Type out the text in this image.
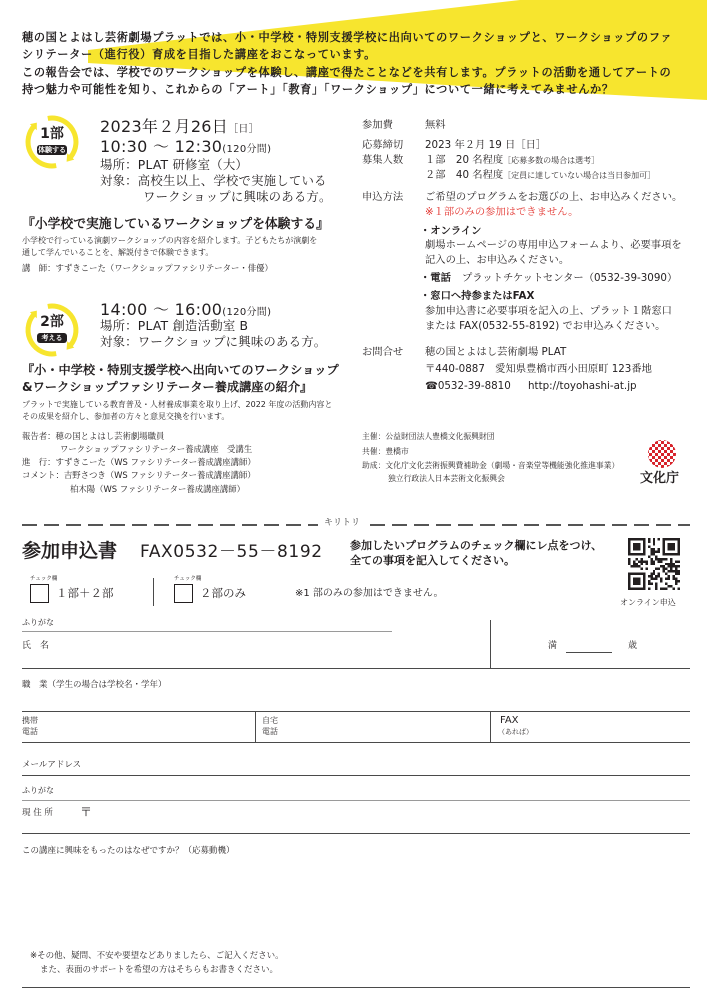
穂の国とよはし芸術劇場プラットでは、小・中学校・特別支援学校に出向いてのワークショップと、ワークショップのファ
シリテーター（進行役）育成を目指した講座をおこなっています。
この報告会では、学校でのワークショップを体験し、講座で得たことなどを共有します。プラットの活動を通してアートの
持つ魅力や可能性を知り、これからの「アート」「教育」「ワークショップ」について一緒に考えてみませんか？
1部
体験する
2023年２月26日［日］
10:30 ～ 12:30(120分間)
場所：PLAT 研修室（大）
対象：高校生以上、学校で実施している
ワークショップに興味のある方。
『小学校で実施しているワークショップを体験する』
小学校で行っている演劇ワークショップの内容を紹介します。子どもたちが演劇を
通して学んでいることを、解説付きで体験できます。
講　師：すずきこーた（ワークショップファシリテーター・俳優）
2部
考える
14:00 ～ 16:00(120分間)
場所：PLAT 創造活動室 B
対象：ワークショップに興味のある方。
『小・中学校・特別支援学校へ出向いてのワークショップ
&ワークショップファシリテーター養成講座の紹介』
プラットで実施している教育普及・人材養成事業を取り上げ、2022 年度の活動内容と
その成果を紹介し、参加者の方々と意見交換を行います。
報告者：穂の国とよはし芸術劇場職員
ワークショップファシリテーター養成講座　受講生
進　行：すずきこーた（WS ファシリテーター養成講座講師）
コメント：吉野さつき（WS ファシリテーター養成講座講師）
柏木陽（WS ファシリテーター養成講座講師）
参加費	無料
応募締切 2023 年２月 19 日［日］
募集人数 １部　20 名程度［応募多数の場合は選考］
２部　40 名程度［定員に達していない場合は当日参加可］
申込方法 ご希望のプログラムをお選びの上、お申込みください。
※１部のみの参加はできません。
・オンライン
劇場ホームページの専用申込フォームより、必要事項を
記入の上、お申込みください。
・電話 プラットチケットセンター（0532-39-3090）
・窓口へ持参またはFAX
参加申込書に必要事項を記入の上、プラット１階窓口
または FAX(0532-55-8192) でお申込みください。
お問合せ 穂の国とよはし芸術劇場 PLAT
〒440-0887　愛知県豊橋市西小田原町 123番地
☎0532-39-8810 http://toyohashi-at.jp
主催：公益財団法人豊橋文化振興財団
共催：豊橋市
助成：文化庁文化芸術振興費補助金（劇場・音楽堂等機能強化推進事業）
独立行政法人日本芸術文化振興会	文化庁
キリトリ
参加申込書 FAX0532－55－8192 参加したいプログラムのチェック欄にレ点をつけ、
全ての事項を記入してください。
オンライン申込
チェック欄
１部＋２部
チェック欄
２部のみ	※1 部のみの参加はできません。
ふりがな
氏　名	満	歳
職　業（学生の場合は学校名・学年）
携帯
電話
自宅
電話
FAX
（あれば）
メールアドレス
ふりがな
現 住 所 〒
この講座に興味をもったのはなぜですか？（応募動機）
※その他、疑問、不安や要望などありましたら、ご記入ください。
また、表面のサポートを希望の方はそちらもお書きください。
